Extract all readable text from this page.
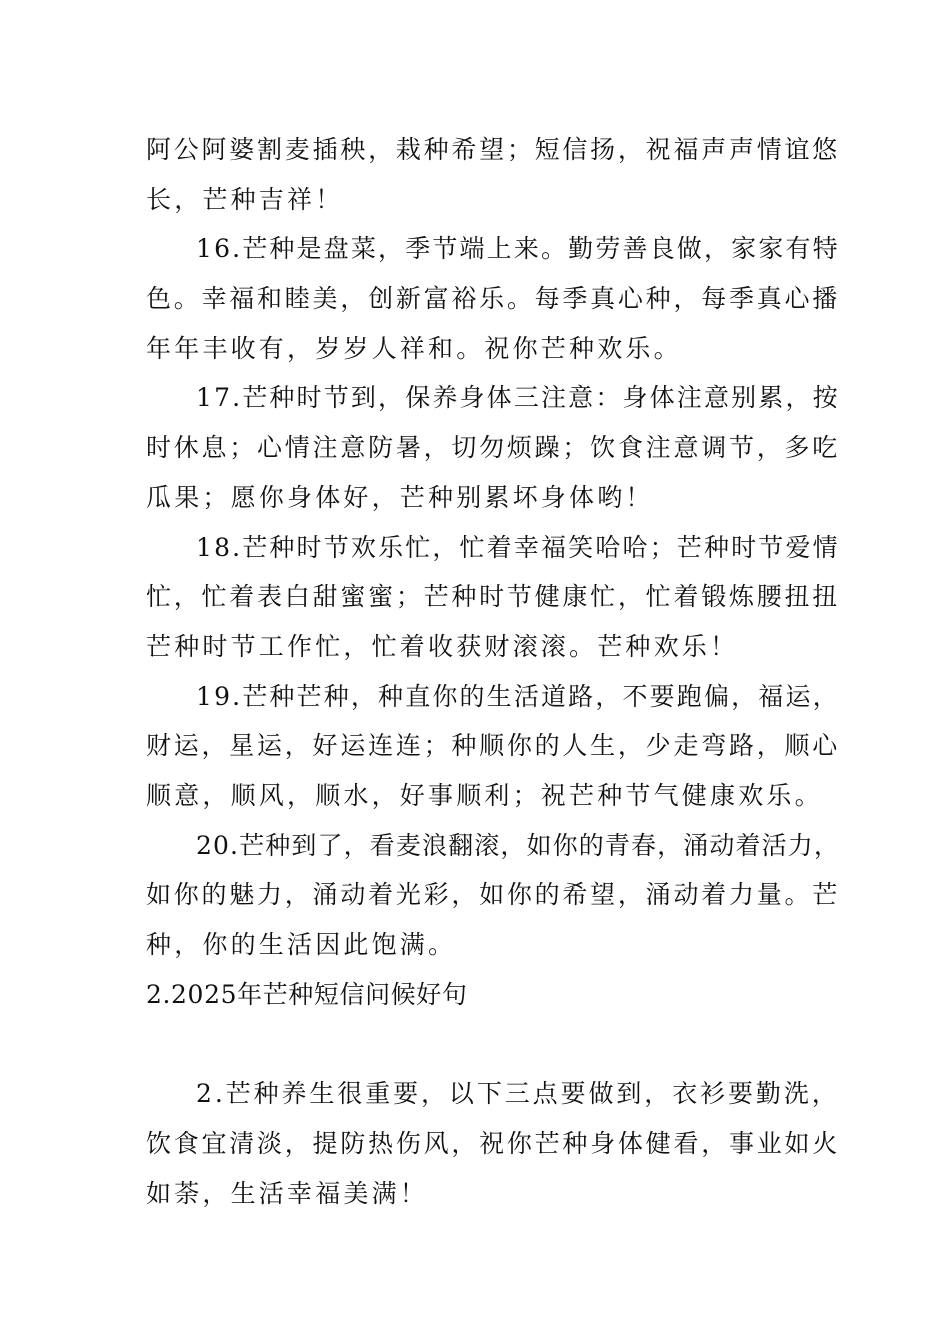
阿公阿婆割麦插秧，栽种希望；短信扬，祝福声声情谊悠
长，芒种吉祥！
16.芒种是盘菜，季节端上来。勤劳善良做，家家有特
色。幸福和睦美，创新富裕乐。每季真心种，每季真心播
年年丰收有，岁岁人祥和。祝你芒种欢乐。
17.芒种时节到，保养身体三注意：身体注意别累，按
时休息；心情注意防暑，切勿烦躁；饮食注意调节，多吃
瓜果；愿你身体好，芒种别累坏身体哟！
18.芒种时节欢乐忙，忙着幸福笑哈哈；芒种时节爱情
忙，忙着表白甜蜜蜜；芒种时节健康忙，忙着锻炼腰扭扭
芒种时节工作忙，忙着收获财滚滚。芒种欢乐！
19.芒种芒种，种直你的生活道路，不要跑偏，福运，
财运，星运，好运连连；种顺你的人生，少走弯路，顺心
顺意，顺风，顺水，好事顺利；祝芒种节气健康欢乐。
20.芒种到了，看麦浪翻滚，如你的青春，涌动着活力，
如你的魅力，涌动着光彩，如你的希望，涌动着力量。芒
种，你的生活因此饱满。
2.2025年芒种短信问候好句
2.芒种养生很重要，以下三点要做到，衣衫要勤洗，
饮食宜清淡，提防热伤风，祝你芒种身体健看，事业如火
如荼，生活幸福美满！
